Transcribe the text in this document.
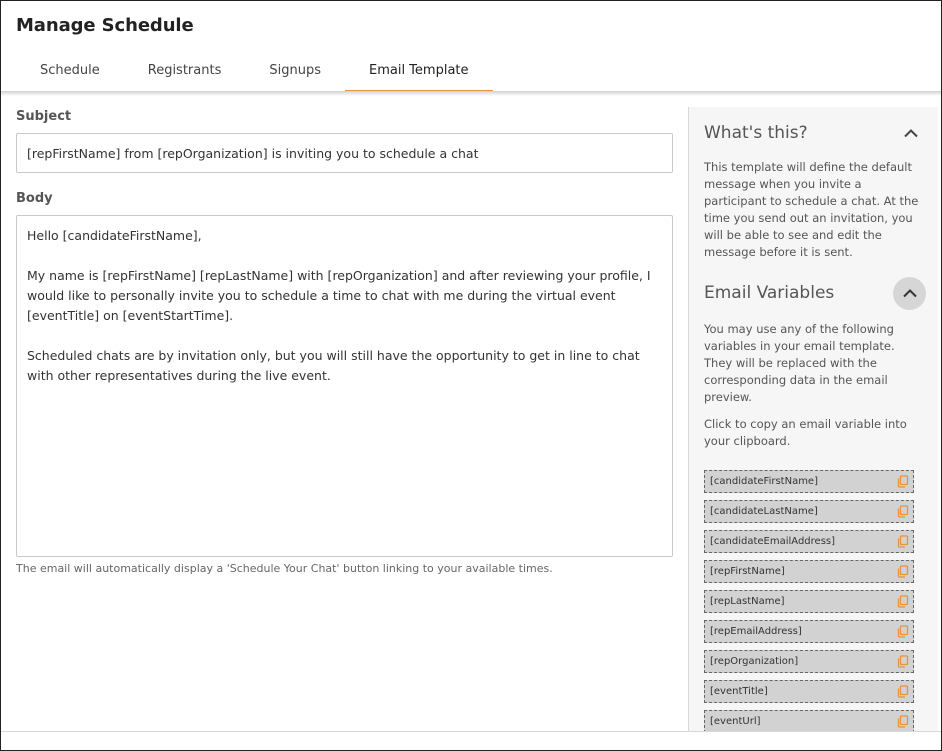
Manage Schedule
Schedule	Registrants	Signups	Email Template
Subject
[repFirstName] from [repOrganization] is inviting you to schedule a chat
Body

Hello [candidateFirstName],

My name is [repFirstName] [repLastName] with [repOrganization] and after reviewing your profile, I would like to personally invite you to schedule a time to chat with me during the virtual event [eventTitle] on [eventStartTime].

Scheduled chats are by invitation only, but you will still have the opportunity to get in line to chat with other representatives during the live event.

The email will automatically display a 'Schedule Your Chat' button linking to your available times.
What's this?

This template will define the default message when you invite a participant to schedule a chat. At the time you send out an invitation, you will be able to see and edit the message before it is sent.

Email Variables

You may use any of the following variables in your email template. They will be replaced with the corresponding data in the email preview.

Click to copy an email variable into your clipboard.

[candidateFirstName]
[candidateLastName]
[candidateEmailAddress]
[repFirstName]
[repLastName]
[repEmailAddress]
[repOrganization]
[eventTitle]
[eventUrl]
